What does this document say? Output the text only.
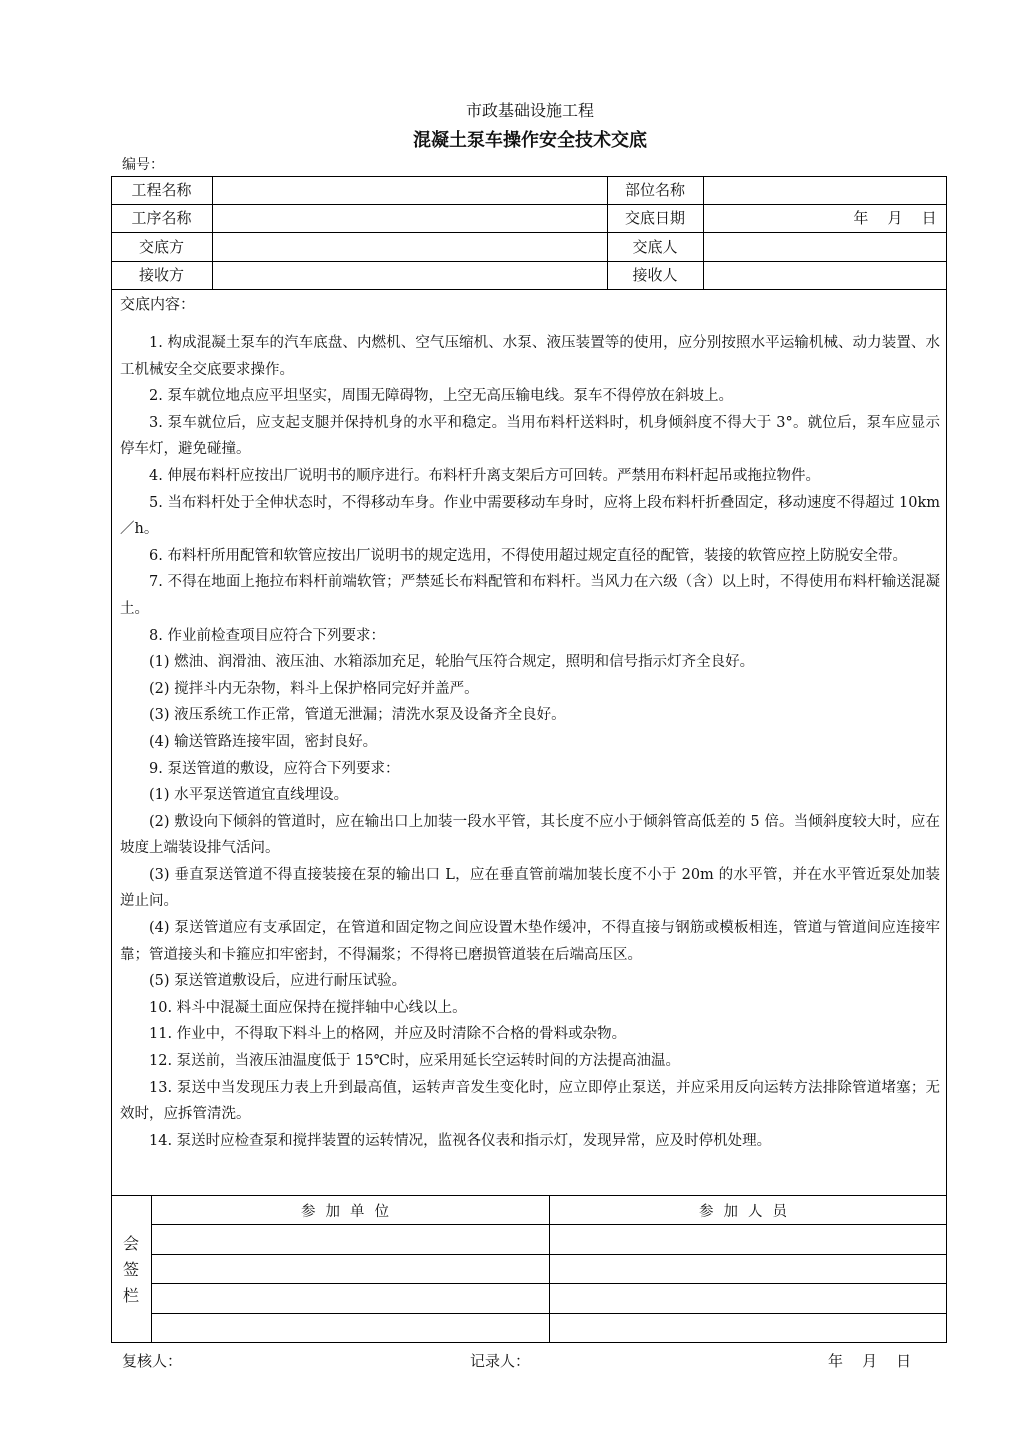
市政基础设施工程
混凝土泵车操作安全技术交底
编号：
工程名称	部位名称
工序名称	交底日期	年    月    日
交底方	交底人
接收方	接收人
交底内容：

1. 构成混凝土泵车的汽车底盘、内燃机、空气压缩机、水泵、液压装置等的使用，应分别按照水平运输机械、动力装置、水工机械安全交底要求操作。

2. 泵车就位地点应平坦坚实，周围无障碍物，上空无高压输电线。泵车不得停放在斜坡上。

3. 泵车就位后，应支起支腿并保持机身的水平和稳定。当用布料杆送料时，机身倾斜度不得大于 3°。就位后，泵车应显示停车灯，避免碰撞。

4. 伸展布料杆应按出厂说明书的顺序进行。布料杆升离支架后方可回转。严禁用布料杆起吊或拖拉物件。

5. 当布料杆处于全伸状态时，不得移动车身。作业中需要移动车身时，应将上段布料杆折叠固定，移动速度不得超过 10km／h。

6. 布料杆所用配管和软管应按出厂说明书的规定选用，不得使用超过规定直径的配管，装接的软管应控上防脱安全带。

7. 不得在地面上拖拉布料杆前端软管；严禁延长布料配管和布料杆。当风力在六级（含）以上时，不得使用布料杆输送混凝土。

8. 作业前检查项目应符合下列要求：

(1) 燃油、润滑油、液压油、水箱添加充足，轮胎气压符合规定，照明和信号指示灯齐全良好。

(2) 搅拌斗内无杂物，料斗上保护格同完好并盖严。

(3) 液压系统工作正常，管道无泄漏；清洗水泵及设备齐全良好。

(4) 输送管路连接牢固，密封良好。

9. 泵送管道的敷设，应符合下列要求：

(1) 水平泵送管道宜直线埋设。

(2) 敷设向下倾斜的管道时，应在输出口上加装一段水平管，其长度不应小于倾斜管高低差的 5 倍。当倾斜度较大时，应在坡度上端装设排气活问。

(3) 垂直泵送管道不得直接装接在泵的输出口 L，应在垂直管前端加装长度不小于 20m 的水平管，并在水平管近泵处加装逆止问。

(4) 泵送管道应有支承固定，在管道和固定物之间应设置木垫作缓冲，不得直接与钢筋或模板相连，管道与管道间应连接牢靠；管道接头和卡箍应扣牢密封，不得漏浆；不得将已磨损管道装在后端高压区。

(5) 泵送管道敷设后，应进行耐压试验。

10. 料斗中混凝土面应保持在搅拌轴中心线以上。

11. 作业中，不得取下料斗上的格网，并应及时清除不合格的骨料或杂物。

12. 泵送前，当液压油温度低于 15℃时，应采用延长空运转时间的方法提高油温。

13. 泵送中当发现压力表上升到最高值，运转声音发生变化时，应立即停止泵送，并应采用反向运转方法排除管道堵塞；无效时，应拆管清洗。

14. 泵送时应检查泵和搅拌装置的运转情况，监视各仪表和指示灯，发现异常，应及时停机处理。

会
签
栏
参加单位	参加人员
复核人：	记录人：	年    月    日
